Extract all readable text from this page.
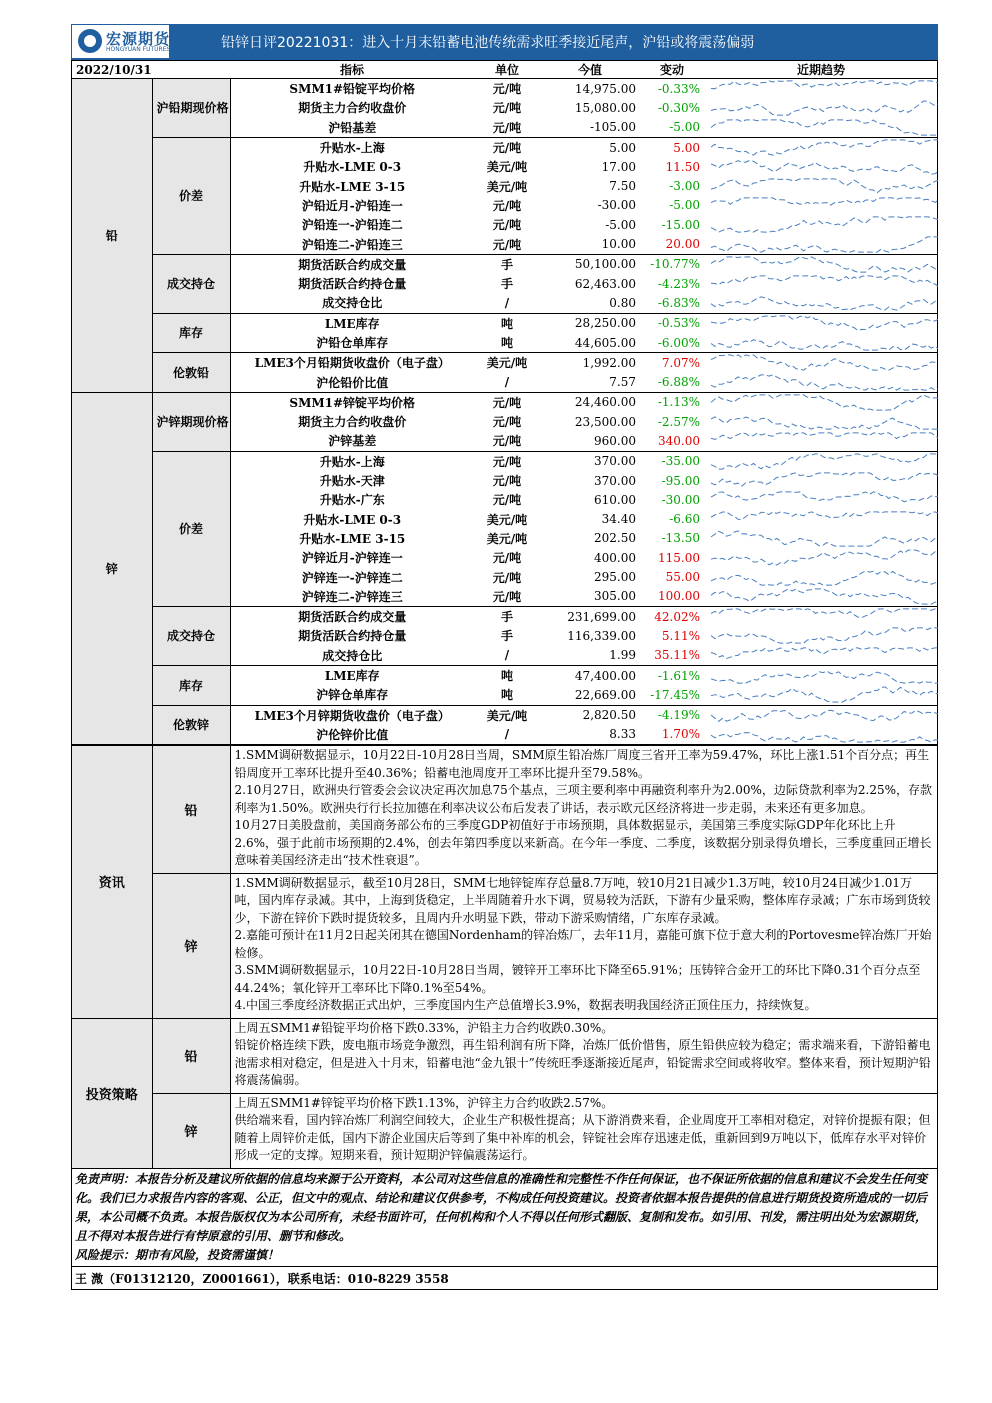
宏源期货
HONGYUAN FUTURES	铅锌日评20221031：进入十月末铅蓄电池传统需求旺季接近尾声，沪铅或将震荡偏弱
2022/10/31		指标	单位	今值	变动	近期趋势
铅	沪铅期现价格	SMM1#铅锭平均价格	元/吨	14,975.00	-0.33%	

		期货主力合约收盘价	元/吨	15,080.00	-0.30%	

		沪铅基差	元/吨	-105.00	-5.00	

	价差	升贴水-上海	元/吨	5.00	5.00	

		升贴水-LME 0-3	美元/吨	17.00	11.50	

		升贴水-LME 3-15	美元/吨	7.50	-3.00	

		沪铅近月-沪铅连一	元/吨	-30.00	-5.00	

		沪铅连一-沪铅连二	元/吨	-5.00	-15.00	

		沪铅连二-沪铅连三	元/吨	10.00	20.00	

	成交持仓	期货活跃合约成交量	手	50,100.00	-10.77%	

		期货活跃合约持仓量	手	62,463.00	-4.23%	

		成交持仓比	/	0.80	-6.83%	

	库存	LME库存	吨	28,250.00	-0.53%	

		沪铅仓单库存	吨	44,605.00	-6.00%	

	伦敦铅	LME3个月铅期货收盘价（电子盘）	美元/吨	1,992.00	7.07%	

		沪伦铅价比值	/	7.57	-6.88%	

锌	沪锌期现价格	SMM1#锌锭平均价格	元/吨	24,460.00	-1.13%	

		期货主力合约收盘价	元/吨	23,500.00	-2.57%	

		沪锌基差	元/吨	960.00	340.00	

	价差	升贴水-上海	元/吨	370.00	-35.00	

		升贴水-天津	元/吨	370.00	-95.00	

		升贴水-广东	元/吨	610.00	-30.00	

		升贴水-LME 0-3	美元/吨	34.40	-6.60	

		升贴水-LME 3-15	美元/吨	202.50	-13.50	

		沪锌近月-沪锌连一	元/吨	400.00	115.00	

		沪锌连一-沪锌连二	元/吨	295.00	55.00	

		沪锌连二-沪锌连三	元/吨	305.00	100.00	

	成交持仓	期货活跃合约成交量	手	231,699.00	42.02%	

		期货活跃合约持仓量	手	116,339.00	5.11%	

		成交持仓比	/	1.99	35.11%	

	库存	LME库存	吨	47,400.00	-1.61%	

		沪锌仓单库存	吨	22,669.00	-17.45%	

	伦敦锌	LME3个月锌期货收盘价（电子盘）	美元/吨	2,820.50	-4.19%	

		沪伦锌价比值	/	8.33	1.70%	
资讯	铅	1.SMM调研数据显示，10月22日-10月28日当周，SMM原生铅冶炼厂周度三省开工率为59.47%，环比上涨1.51个百分点；再生铅周度开工率环比提升至40.36%；铅蓄电池周度开工率环比提升至79.58%。

2.10月27日，欧洲央行管委会会议决定再次加息75个基点，三项主要利率中再融资利率升为2.00%，边际贷款利率为2.25%，存款利率为1.50%。欧洲央行行长拉加德在利率决议公布后发表了讲话，表示欧元区经济将进一步走弱，未来还有更多加息。

10月27日美股盘前，美国商务部公布的三季度GDP初值好于市场预期，具体数据显示，美国第三季度实际GDP年化环比上升2.6%，强于此前市场预期的2.4%，创去年第四季度以来新高。在今年一季度、二季度，该数据分别录得负增长，三季度重回正增长意味着美国经济走出“技术性衰退”。

	锌	1.SMM调研数据显示，截至10月28日，SMM七地锌锭库存总量8.7万吨，较10月21日减少1.3万吨，较10月24日减少1.01万吨，国内库存录减。其中，上海到货稳定，上半周随着升水下调，贸易较为活跃，下游有少量采购，整体库存录减；广东市场到货较少，下游在锌价下跌时提货较多，且周内升水明显下跌，带动下游采购情绪，广东库存录减。

2.嘉能可预计在11月2日起关闭其在德国Nordenham的锌冶炼厂，去年11月，嘉能可旗下位于意大利的Portovesme锌冶炼厂开始检修。

3.SMM调研数据显示，10月22日-10月28日当周，镀锌开工率环比下降至65.91%；压铸锌合金开工的环比下降0.31个百分点至44.24%；氧化锌开工率环比下降0.1%至54%。

4.中国三季度经济数据正式出炉，三季度国内生产总值增长3.9%，数据表明我国经济正顶住压力，持续恢复。

投资策略	铅	上周五SMM1#铅锭平均价格下跌0.33%，沪铅主力合约收跌0.30%。

铅锭价格连续下跌，废电瓶市场竞争激烈，再生铅利润有所下降，冶炼厂低价惜售，原生铅供应较为稳定；需求端来看，下游铅蓄电池需求相对稳定，但是进入十月末，铅蓄电池“金九银十”传统旺季逐渐接近尾声，铅锭需求空间或将收窄。整体来看，预计短期沪铅将震荡偏弱。

	锌	上周五SMM1#锌锭平均价格下跌1.13%，沪锌主力合约收跌2.57%。

供给端来看，国内锌冶炼厂利润空间较大，企业生产积极性提高；从下游消费来看，企业周度开工率相对稳定，对锌价提振有限；但随着上周锌价走低，国内下游企业国庆后等到了集中补库的机会，锌锭社会库存迅速走低，重新回到9万吨以下，低库存水平对锌价形成一定的支撑。短期来看，预计短期沪锌偏震荡运行。

免责声明：本报告分析及建议所依据的信息均来源于公开资料，本公司对这些信息的准确性和完整性不作任何保证，也不保证所依据的信息和建议不会发生任何变化。我们已力求报告内容的客观、公正，但文中的观点、结论和建议仅供参考，不构成任何投资建议。投资者依据本报告提供的信息进行期货投资所造成的一切后果，本公司概不负责。本报告版权仅为本公司所有，未经书面许可，任何机构和个人不得以任何形式翻版、复制和发布。如引用、刊发，需注明出处为宏源期货，且不得对本报告进行有悖原意的引用、删节和修改。
风险提示：期市有风险，投资需谨慎！
王 溦（F01312120，Z0001661），联系电话：010-8229 3558
